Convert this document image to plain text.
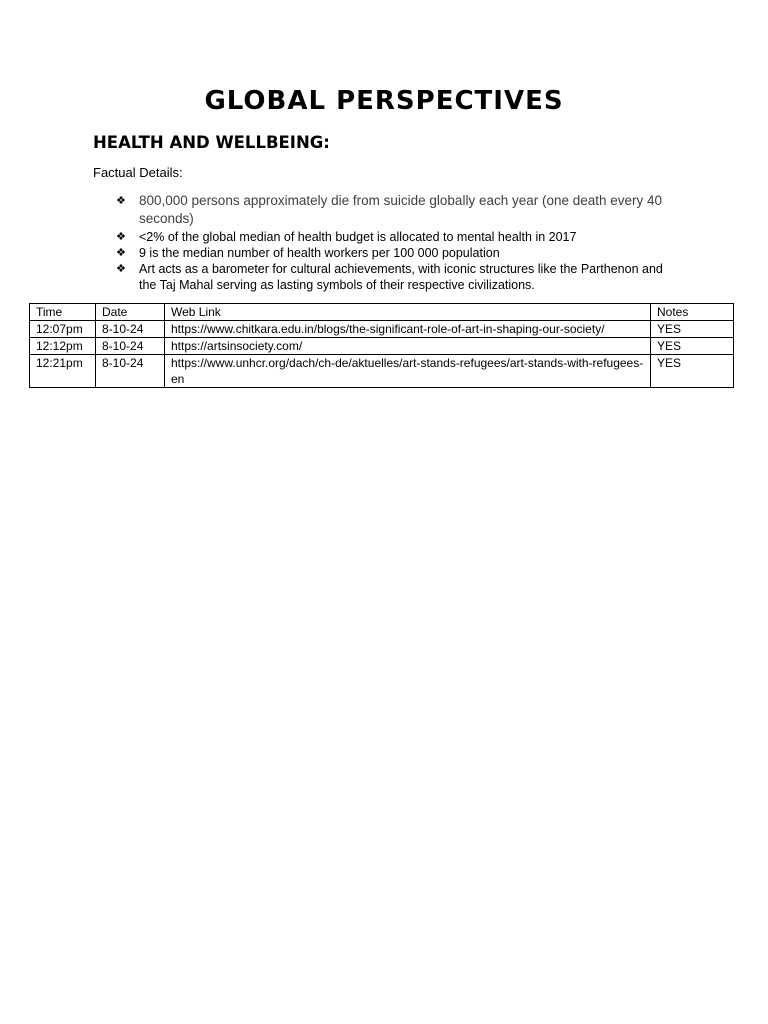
GLOBAL PERSPECTIVES
HEALTH AND WELLBEING:

Factual Details:

❖ 800,000 persons approximately die from suicide globally each year (one death every 40 seconds)
❖ <2% of the global median of health budget is allocated to mental health in 2017
❖ 9 is the median number of health workers per 100 000 population
❖ Art acts as a barometer for cultural achievements, with iconic structures like the Parthenon and the Taj Mahal serving as lasting symbols of their respective civilizations.
Time	Date	Web Link	Notes
12:07pm	8-10-24	https://www.chitkara.edu.in/blogs/the-significant-role-of-art-in-shaping-our-society/	YES
12:12pm	8-10-24	https://artsinsociety.com/	YES
12:21pm	8-10-24	https://www.unhcr.org/dach/ch-de/aktuelles/art-stands-refugees/art-stands-with-refugees-en	YES
